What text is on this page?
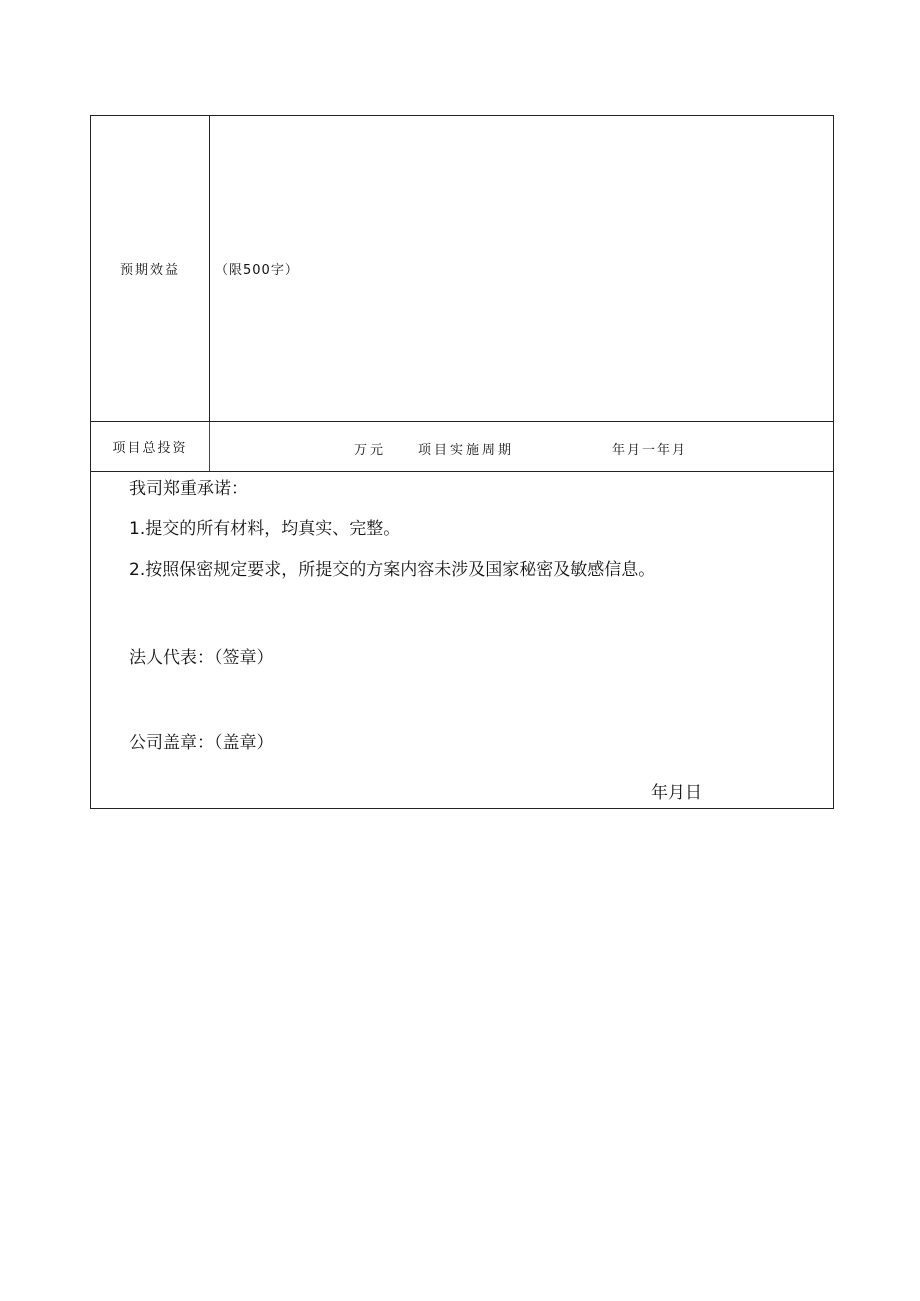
预期效益	（限500字）
项目总投资	万元 项目实施周期	年月一年月
我司郑重承诺：
1.提交的所有材料，均真实、完整。
2.按照保密规定要求，所提交的方案内容未涉及国家秘密及敏感信息。
法人代表：（签章）
公司盖章：（盖章）
年月日
